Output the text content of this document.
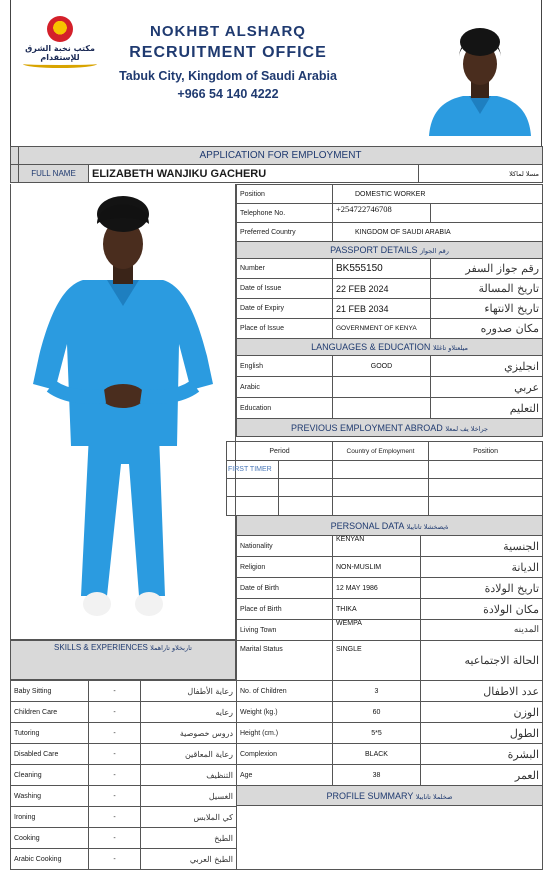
مكتب نخبة الشرق
للإستقدام
NOKHBT ALSHARQ
RECRUITMENT OFFICE
Tabuk City, Kingdom of Saudi Arabia
+966 54 140 4222
	APPLICATION FOR EMPLOYMENT		
	FULL NAME	ELIZABETH WANJIKU GACHERU	مسلا لماكلا
Position	DOMESTIC WORKER	
Telephone No.	+254722746708	
Preferred Country	KINGDOM OF SAUDI ARABIA	
PASSPORT DETAILS رقم الجواز		
Number	BK555150	رقم جواز السفر
Date of Issue	22 FEB 2024	تاريخ المسالة
Date of Expiry	21 FEB 2034	تاريخ الانتهاء
Place of Issue	GOVERNMENT OF KENYA	مكان صدوره
LANGUAGES & EDUCATION ميلعتلاو تاغللا		
English	GOOD	انجليزي
Arabic		عربي
Education		التعليم
PREVIOUS EMPLOYMENT ABROAD جراخلا يف لمعلا		
Period		Country of Employment	Position
FIRST TIMER			

PERSONAL DATA ةيصخشلا تانايبلا		
Nationality	KENYAN	الجنسية
Religion	NON-MUSLIM	الديانة
Date of Birth	12 MAY 1986	تاريخ الولادة
Place of Birth	THIKA	مكان الولادة
Living Town	WEMPA	المدينه
Marital Status	SINGLE	الحالة الاجتماعيه
No. of Children	3	عدد الاطفال
Weight (kg.)	60	الوزن
Height (cm.)	5*5	الطول
Complexion	BLACK	البشرة
Age	38	العمر
PROFILE SUMMARY صخلملا تانايبلا		

SKILLS & EXPERIENCES تاربخلاو تاراهملا
Baby Sitting	-	رعاية الأطفال
Children Care	-	رعايه
Tutoring	-	دروس خصوصية
Disabled Care	-	رعاية المعاقين
Cleaning	-	التنظيف
Washing	-	الغسيل
Ironing	-	كي الملابس
Cooking	-	الطبخ
Arabic Cooking	-	الطبخ العربي
